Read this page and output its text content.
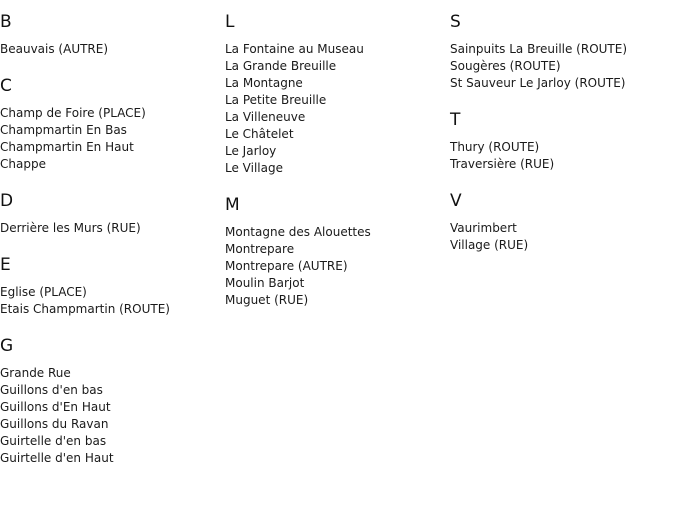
B
Beauvais (AUTRE)
C
Champ de Foire (PLACE)
Champmartin En Bas
Champmartin En Haut
Chappe
D
Derrière les Murs (RUE)
E
Eglise (PLACE)
Etais Champmartin (ROUTE)
G
Grande Rue
Guillons d'en bas
Guillons d'En Haut
Guillons du Ravan
Guirtelle d'en bas
Guirtelle d'en Haut
L
La Fontaine au Museau
La Grande Breuille
La Montagne
La Petite Breuille
La Villeneuve
Le Châtelet
Le Jarloy
Le Village
M
Montagne des Alouettes
Montrepare
Montrepare (AUTRE)
Moulin Barjot
Muguet (RUE)
S
Sainpuits La Breuille (ROUTE)
Sougères (ROUTE)
St Sauveur Le Jarloy (ROUTE)
T
Thury (ROUTE)
Traversière (RUE)
V
Vaurimbert
Village (RUE)
